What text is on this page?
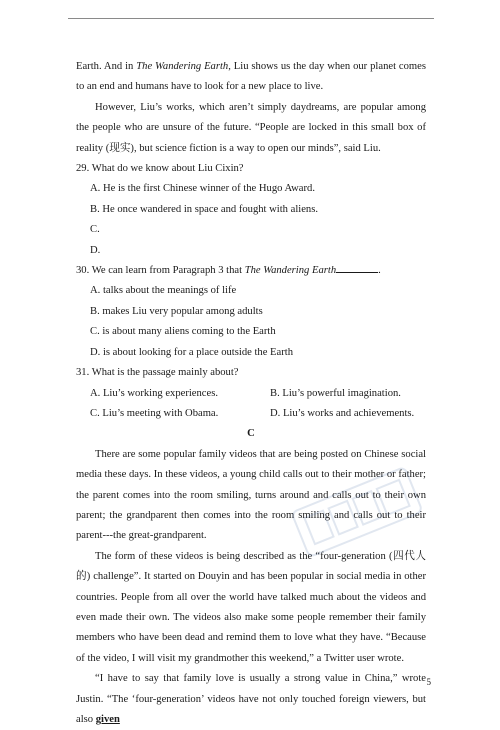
Earth. And in The Wandering Earth, Liu shows us the day when our planet comes to an end and humans have to look for a new place to live.

However, Liu’s works, which aren’t simply daydreams, are popular among the people who are unsure of the future. “People are locked in this small box of reality (现实), but science fiction is a way to open our minds”, said Liu.

29. What do we know about Liu Cixin?

A. He is the first Chinese winner of the Hugo Award.

B. He once wandered in space and fought with aliens.

C.

D.

30. We can learn from Paragraph 3 that The Wandering Earth	.

A. talks about the meanings of life

B. makes Liu very popular among adults

C. is about many aliens coming to the Earth

D. is about looking for a place outside the Earth

31. What is the passage mainly about?

A. Liu’s working experiences.	B. Liu’s powerful imagination.
C. Liu’s meeting with Obama.	D. Liu’s works and achievements.

C

There are some popular family videos that are being posted on Chinese social media these days. In these videos, a young child calls out to their mother or father; the parent comes into the room smiling, turns around and calls out to their own parent; the grandparent then comes into the room smiling and calls out to their parent---the great-grandparent.

The form of these videos is being described as the “four-generation (四代人的) challenge”. It started on Douyin and has been popular in social media in other countries. People from all over the world have talked much about the videos and even made their own. The videos also make some people remember their family members who have been dead and remind them to love what they have. “Because of the video, I will visit my grandmother this weekend,” a Twitter user wrote.

“I have to say that family love is usually a strong value in China,” wrote Justin. “The ‘four-generation’ videos have not only touched foreign viewers, but also given

5
